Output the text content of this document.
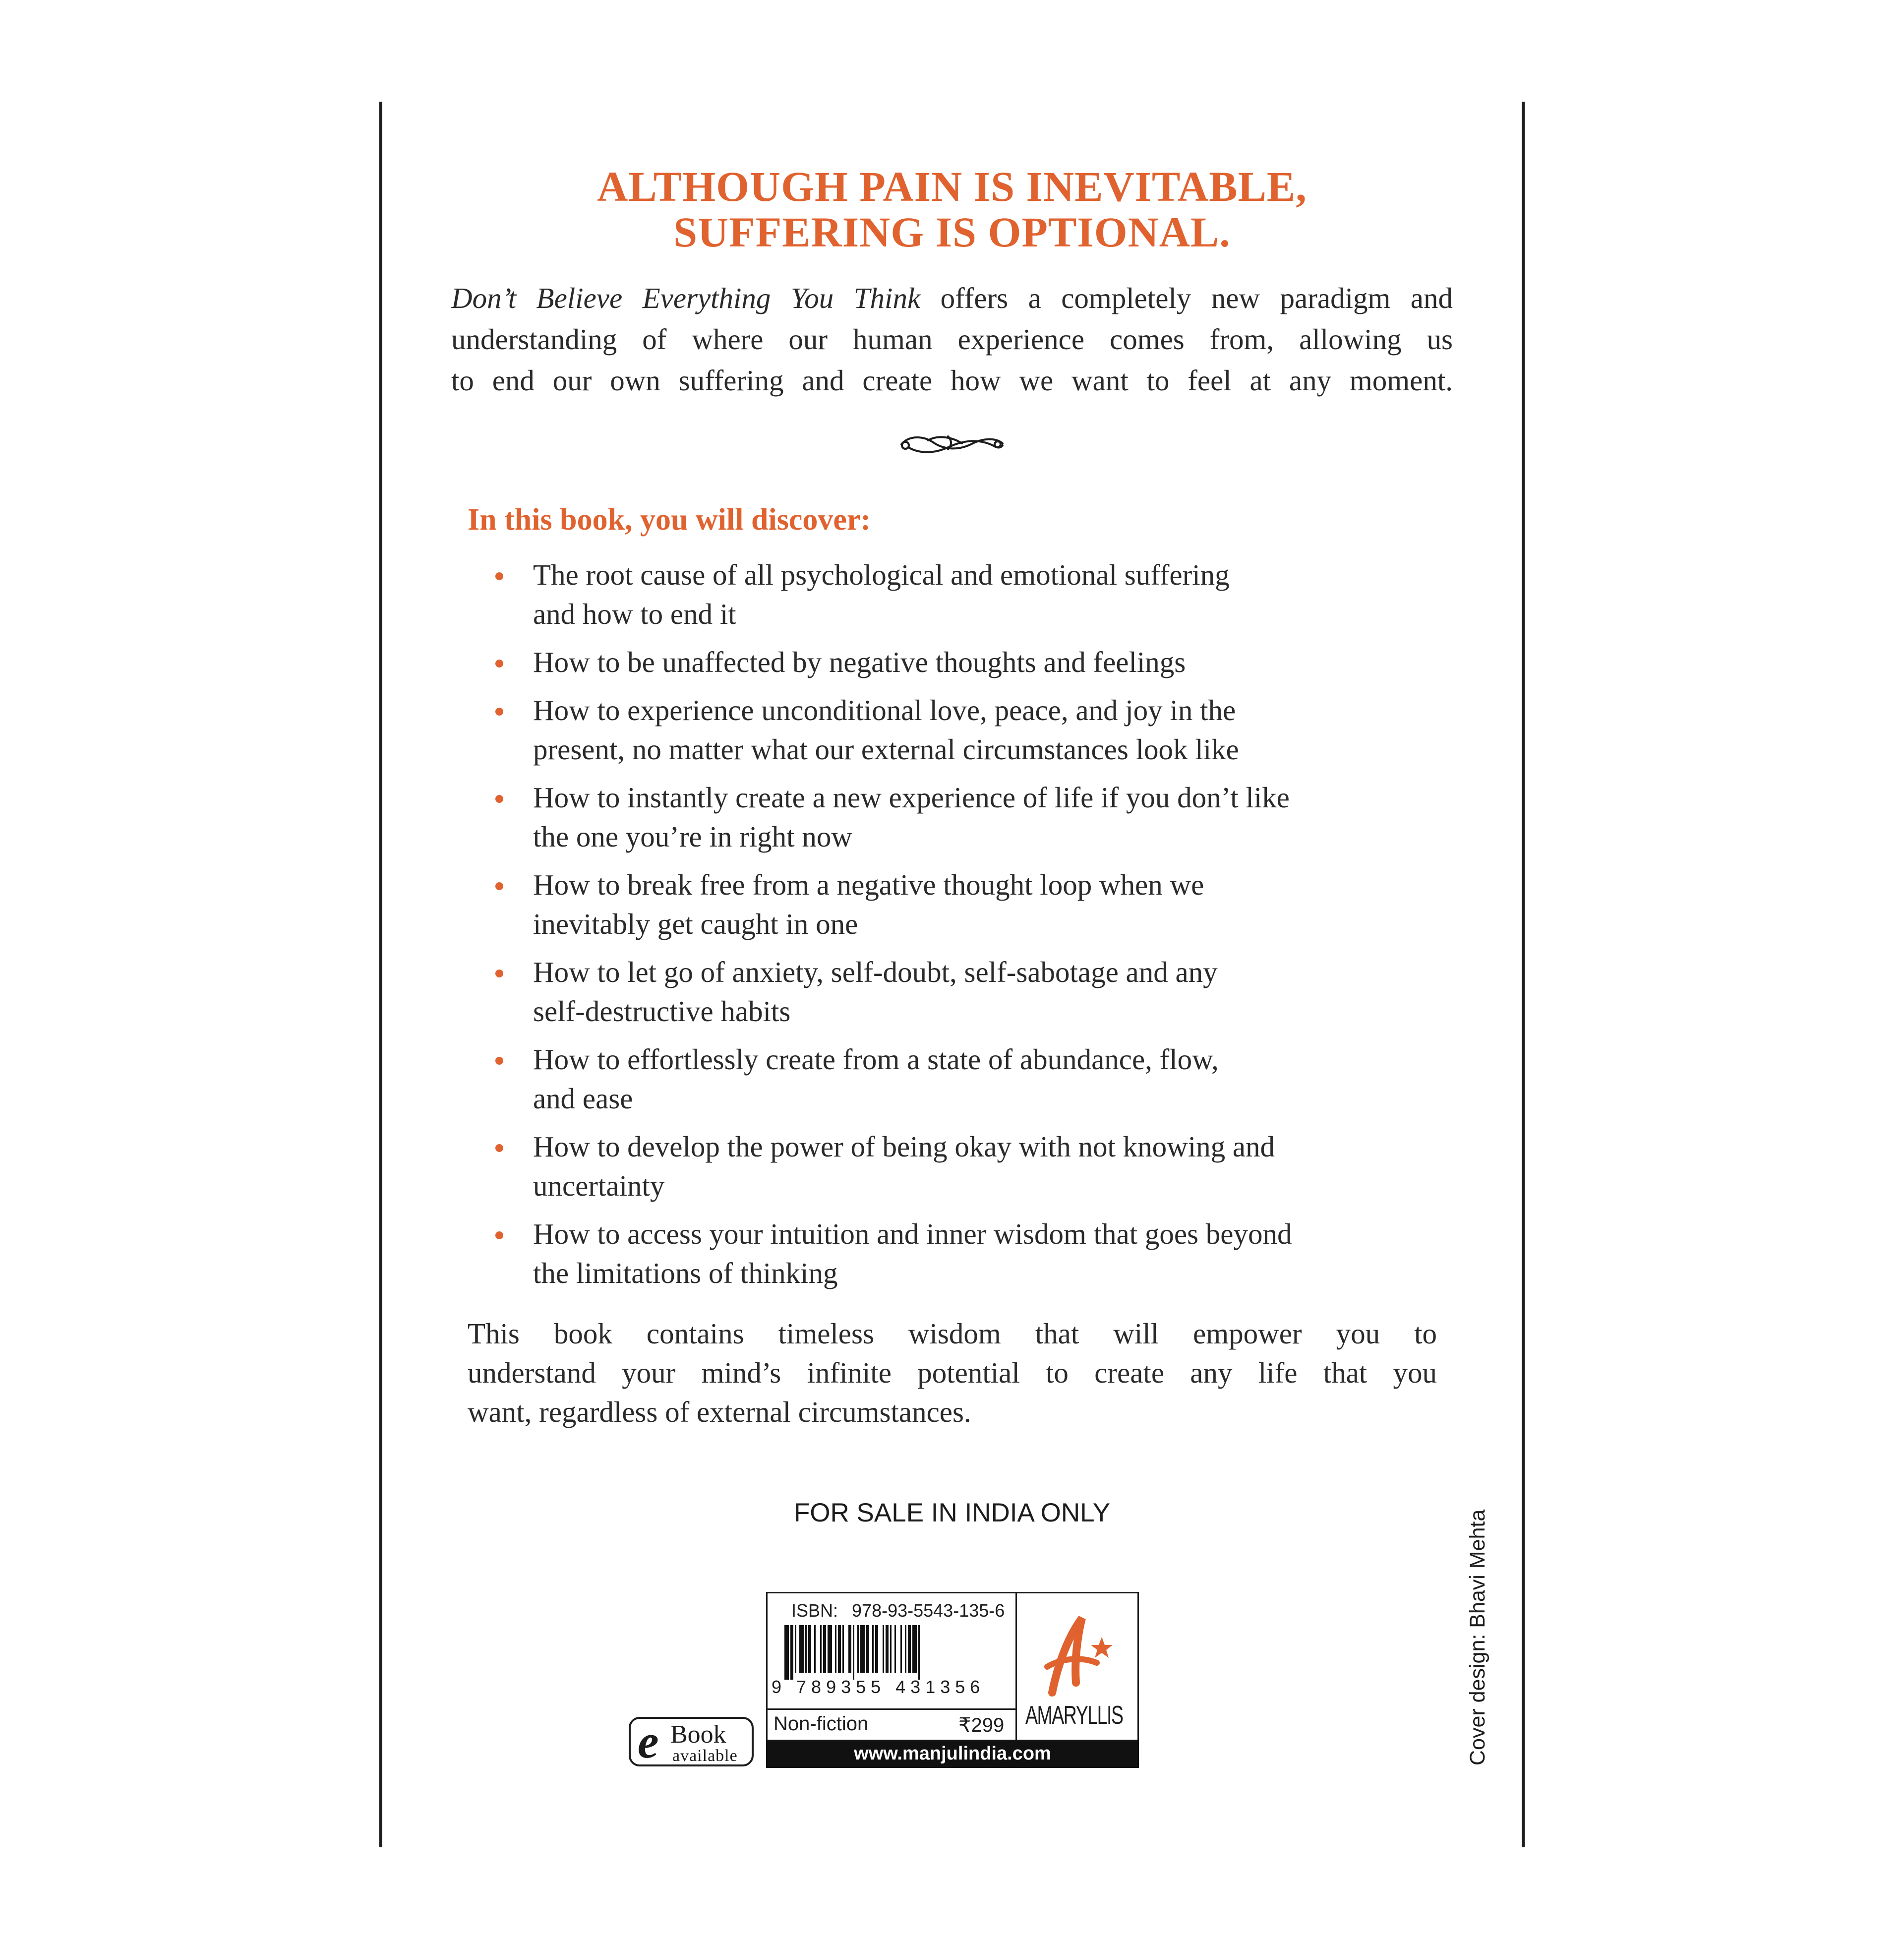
ALTHOUGH PAIN IS INEVITABLE,
SUFFERING IS OPTIONAL.
Don’t Believe Everything You Think offers a completely new paradigm and
understanding of where our human experience comes from, allowing us
to end our own suffering and create how we want to feel at any moment.
In this book, you will discover:
The root cause of all psychological and emotional suffering
and how to end it
How to be unaffected by negative thoughts and feelings
How to experience unconditional love, peace, and joy in the
present, no matter what our external circumstances look like
How to instantly create a new experience of life if you don’t like
the one you’re in right now
How to break free from a negative thought loop when we
inevitably get caught in one
How to let go of anxiety, self-doubt, self-sabotage and any
self-destructive habits
How to effortlessly create from a state of abundance, flow,
and ease
How to develop the power of being okay with not knowing and
uncertainty
How to access your intuition and inner wisdom that goes beyond
the limitations of thinking
This book contains timeless wisdom that will empower you to
understand your mind’s infinite potential to create any life that you
want, regardless of external circumstances.
FOR SALE IN INDIA ONLY
e Book
available
ISBN: 978-93-5543-135-6
9 789355 431356
Non-fiction	₹299 AMARYLLIS
www.manjulindia.com	Cover design: Bhavi Mehta
